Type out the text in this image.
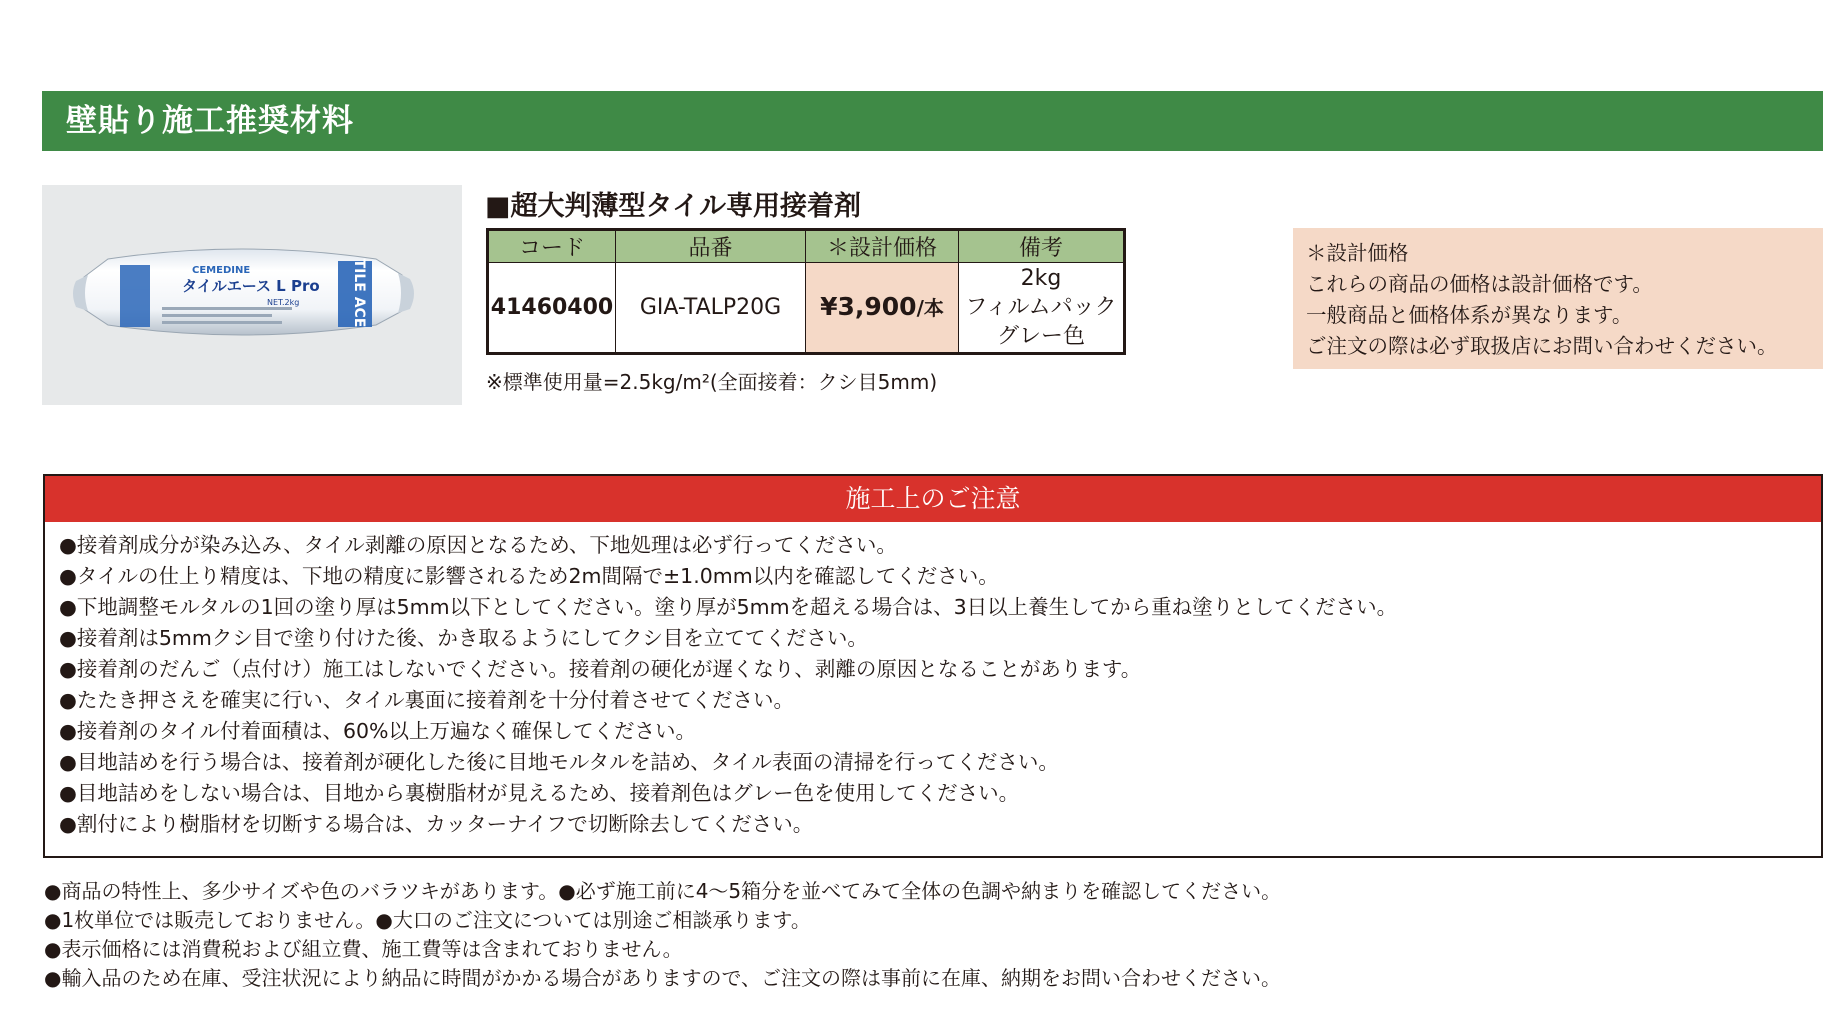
壁貼り施工推奨材料
TILE ACE
CEMEDINE
タイルエース L Pro
NET.2kg
■超大判薄型タイル専用接着剤
コード	品番	＊設計価格	備考
41460400	GIA-TALP20G	¥3,900/本	2kg
フィルムパック
グレー色
※標準使用量=2.5kg/m²(全面接着：クシ目5mm)
＊設計価格
これらの商品の価格は設計価格です。
一般商品と価格体系が異なります。
ご注文の際は必ず取扱店にお問い合わせください。
施工上のご注意
●接着剤成分が染み込み、タイル剥離の原因となるため、下地処理は必ず行ってください。
●タイルの仕上り精度は、下地の精度に影響されるため2m間隔で±1.0mm以内を確認してください。
●下地調整モルタルの1回の塗り厚は5mm以下としてください。塗り厚が5mmを超える場合は、3日以上養生してから重ね塗りとしてください。
●接着剤は5mmクシ目で塗り付けた後、かき取るようにしてクシ目を立ててください。
●接着剤のだんご（点付け）施工はしないでください。接着剤の硬化が遅くなり、剥離の原因となることがあります。
●たたき押さえを確実に行い、タイル裏面に接着剤を十分付着させてください。
●接着剤のタイル付着面積は、60%以上万遍なく確保してください。
●目地詰めを行う場合は、接着剤が硬化した後に目地モルタルを詰め、タイル表面の清掃を行ってください。
●目地詰めをしない場合は、目地から裏樹脂材が見えるため、接着剤色はグレー色を使用してください。
●割付により樹脂材を切断する場合は、カッターナイフで切断除去してください。
●商品の特性上、多少サイズや色のバラツキがあります。●必ず施工前に4～5箱分を並べてみて全体の色調や納まりを確認してください。
●1枚単位では販売しておりません。●大口のご注文については別途ご相談承ります。
●表示価格には消費税および組立費、施工費等は含まれておりません。
●輸入品のため在庫、受注状況により納品に時間がかかる場合がありますので、ご注文の際は事前に在庫、納期をお問い合わせください。
